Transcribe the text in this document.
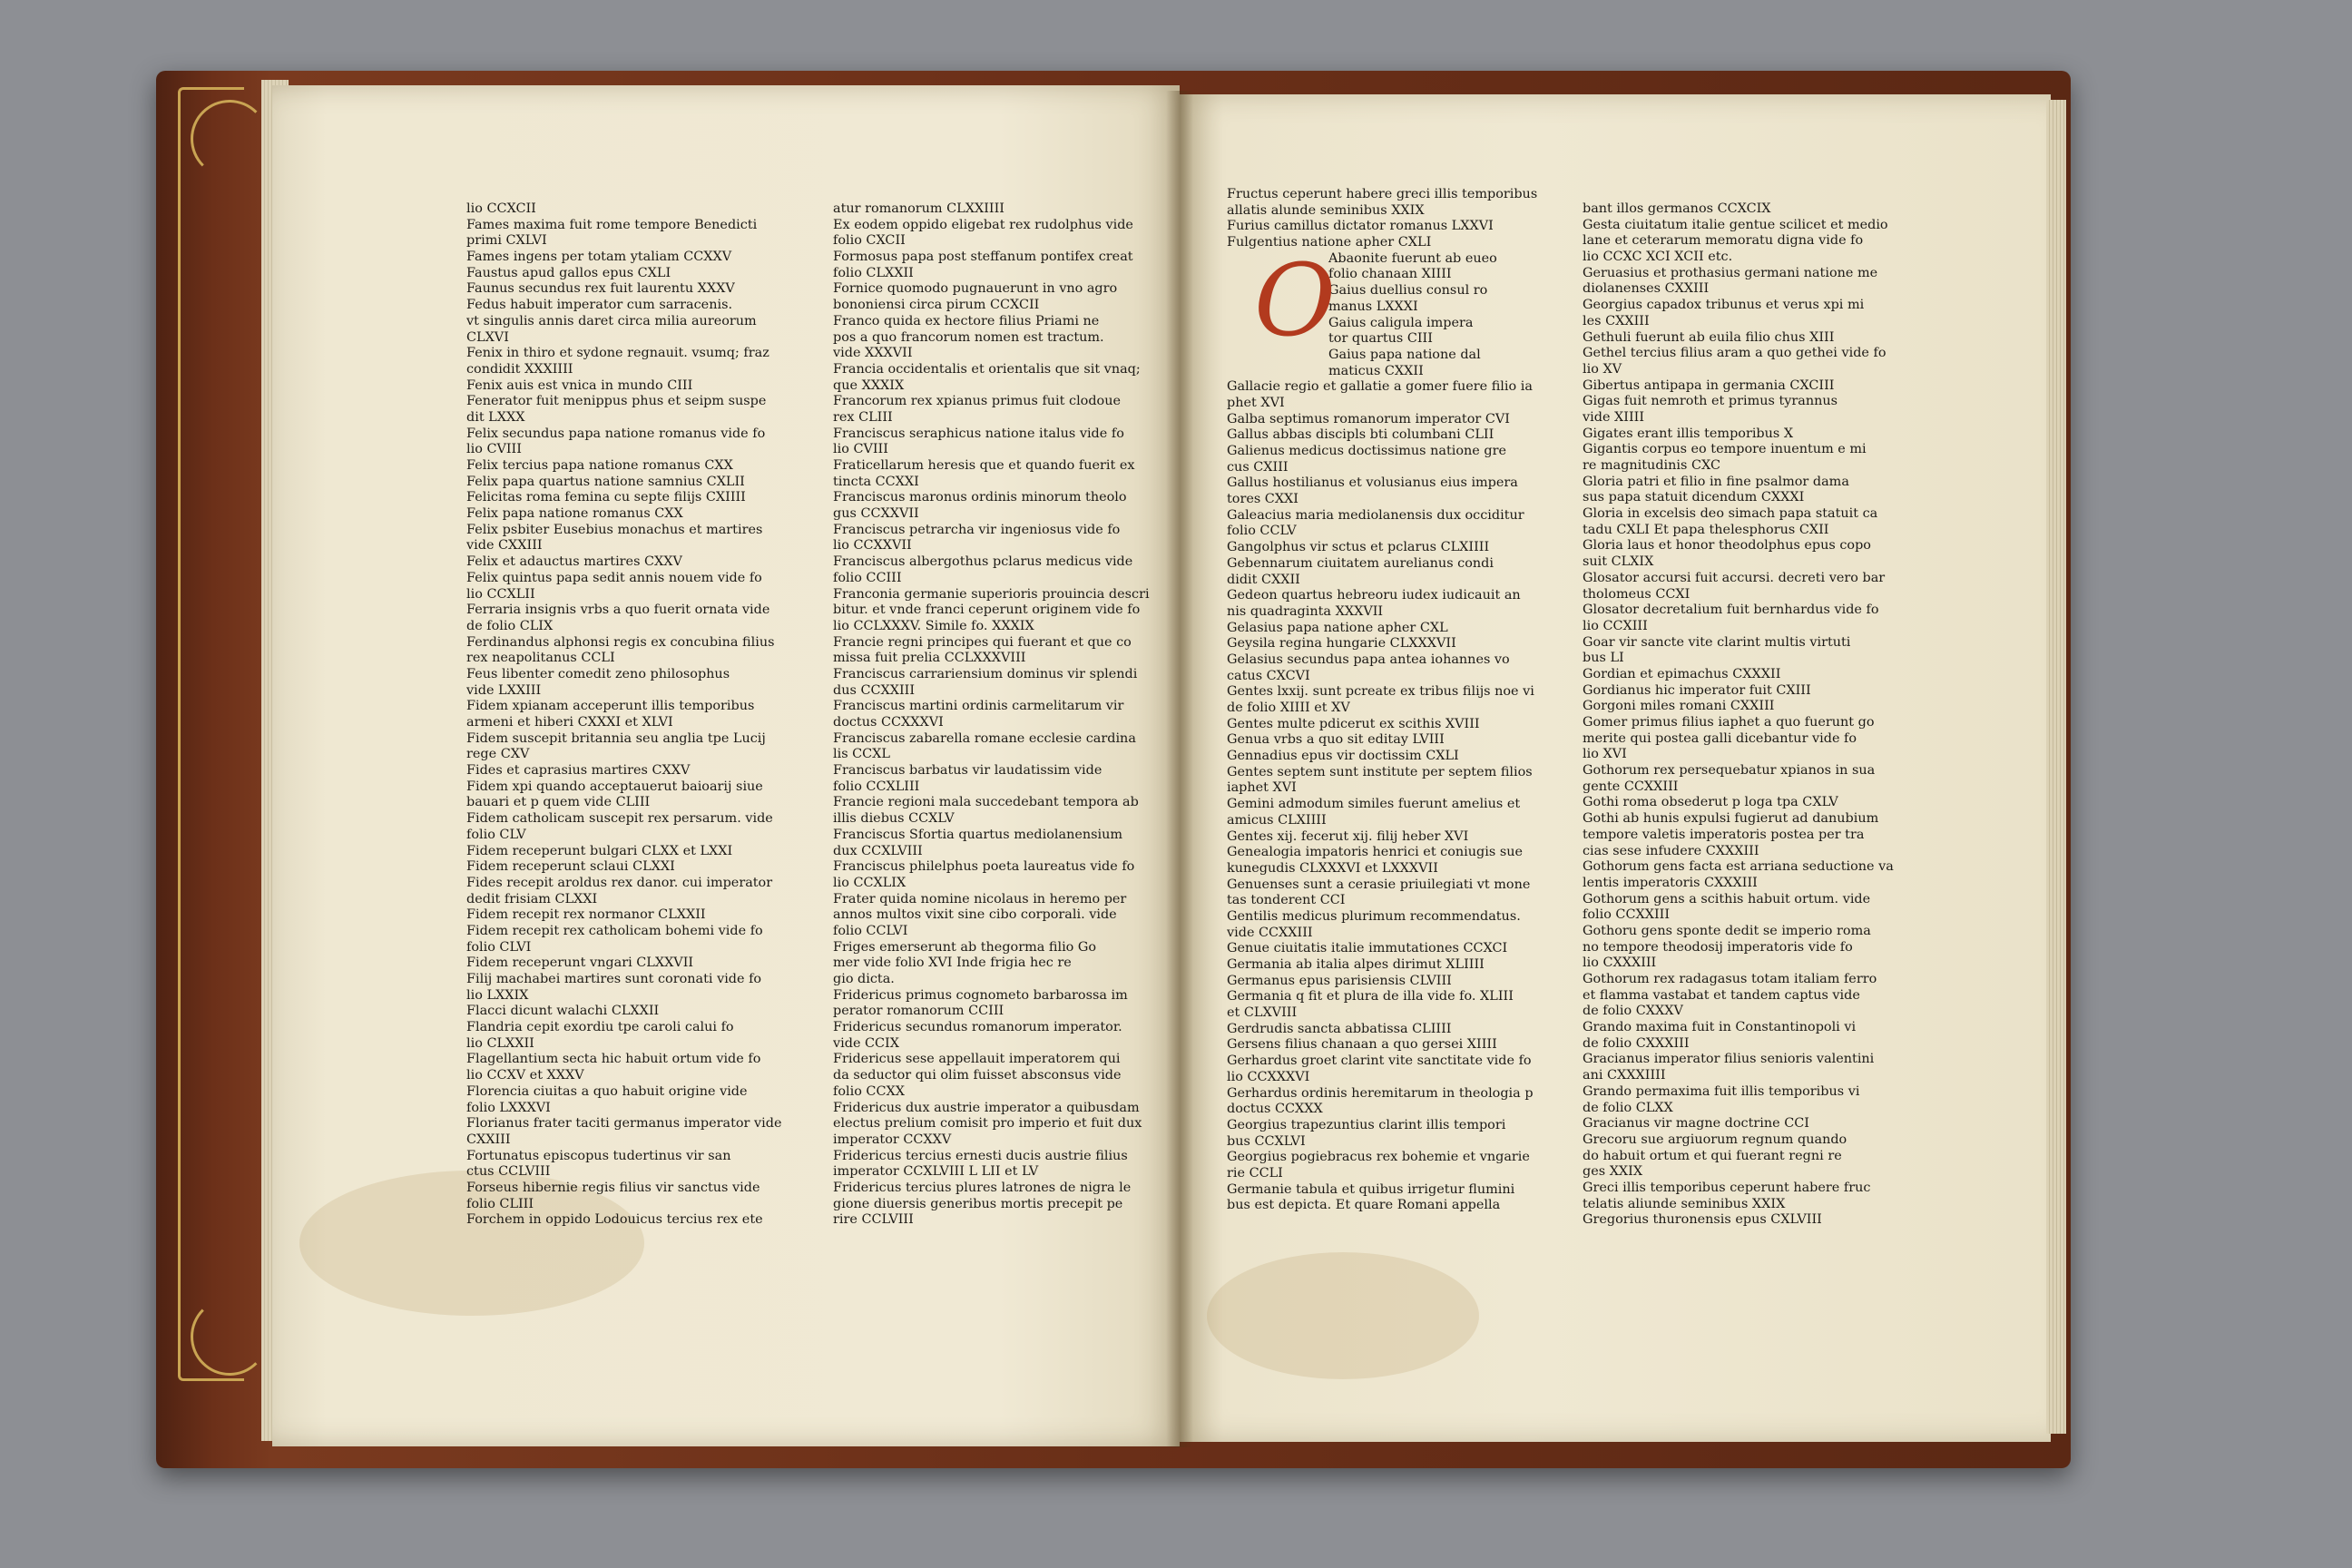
lio CCXCII
Fames maxima fuit rome tempore Benedicti
primi CXLVI
Fames ingens per totam ytaliam CCXXV
Faustus apud gallos epus CXLI
Faunus secundus rex fuit laurentu XXXV
Fedus habuit imperator cum sarracenis.
vt singulis annis daret circa milia aureorum
CLXVI
Fenix in thiro et sydone regnauit. vsumq; fraz
condidit XXXIIII
Fenix auis est vnica in mundo CIII
Fenerator fuit menippus phus et seipm suspe
dit LXXX
Felix secundus papa natione romanus vide fo
lio CVIII
Felix tercius papa natione romanus CXX
Felix papa quartus natione samnius CXLII
Felicitas roma femina cu septe filijs CXIIII
Felix papa natione romanus CXX
Felix psbiter Eusebius monachus et martires
vide CXXIII
Felix et adauctus martires CXXV
Felix quintus papa sedit annis nouem vide fo
lio CCXLII
Ferraria insignis vrbs a quo fuerit ornata vide
de folio CLIX
Ferdinandus alphonsi regis ex concubina filius
rex neapolitanus CCLI
Feus libenter comedit zeno philosophus
vide LXXIII
Fidem xpianam acceperunt illis temporibus
armeni et hiberi CXXXI et XLVI
Fidem suscepit britannia seu anglia tpe Lucij
rege CXV
Fides et caprasius martires CXXV
Fidem xpi quando acceptauerut baioarij siue
bauari et p quem vide CLIII
Fidem catholicam suscepit rex persarum. vide
folio CLV
Fidem receperunt bulgari CLXX et LXXI
Fidem receperunt sclaui CLXXI
Fides recepit aroldus rex danor. cui imperator
dedit frisiam CLXXI
Fidem recepit rex normanor CLXXII
Fidem recepit rex catholicam bohemi vide fo
folio CLVI
Fidem receperunt vngari CLXXVII
Filij machabei martires sunt coronati vide fo
lio LXXIX
Flacci dicunt walachi CLXXII
Flandria cepit exordiu tpe caroli calui fo
lio CLXXII
Flagellantium secta hic habuit ortum vide fo
lio CCXV et XXXV
Florencia ciuitas a quo habuit origine vide
folio LXXXVI
Florianus frater taciti germanus imperator vide
CXXIII
Fortunatus episcopus tudertinus vir san
ctus CCLVIII
Forseus hibernie regis filius vir sanctus vide
folio CLIII
Forchem in oppido Lodouicus tercius rex ete
atur romanorum CLXXIIII
Ex eodem oppido eligebat rex rudolphus vide
folio CXCII
Formosus papa post steffanum pontifex creat
folio CLXXII
Fornice quomodo pugnauerunt in vno agro
bononiensi circa pirum CCXCII
Franco quida ex hectore filius Priami ne
pos a quo francorum nomen est tractum.
vide XXXVII
Francia occidentalis et orientalis que sit vnaq;
que XXXIX
Francorum rex xpianus primus fuit clodoue
rex CLIII
Franciscus seraphicus natione italus vide fo
lio CVIII
Fraticellarum heresis que et quando fuerit ex
tincta CCXXI
Franciscus maronus ordinis minorum theolo
gus CCXXVII
Franciscus petrarcha vir ingeniosus vide fo
lio CCXXVII
Franciscus albergothus pclarus medicus vide
folio CCIII
Franconia germanie superioris prouincia descri
bitur. et vnde franci ceperunt originem vide fo
lio CCLXXXV. Simile fo. XXXIX
Francie regni principes qui fuerant et que co
missa fuit prelia CCLXXXVIII
Franciscus carrariensium dominus vir splendi
dus CCXXIII
Franciscus martini ordinis carmelitarum vir
doctus CCXXXVI
Franciscus zabarella romane ecclesie cardina
lis CCXL
Franciscus barbatus vir laudatissim vide
folio CCXLIII
Francie regioni mala succedebant tempora ab
illis diebus CCXLV
Franciscus Sfortia quartus mediolanensium
dux CCXLVIII
Franciscus philelphus poeta laureatus vide fo
lio CCXLIX
Frater quida nomine nicolaus in heremo per
annos multos vixit sine cibo corporali. vide
folio CCLVI
Friges emerserunt ab thegorma filio Go
mer vide folio XVI Inde frigia hec re
gio dicta.
Fridericus primus cognometo barbarossa im
perator romanorum CCIII
Fridericus secundus romanorum imperator.
vide CCIX
Fridericus sese appellauit imperatorem qui
da seductor qui olim fuisset absconsus vide
folio CCXX
Fridericus dux austrie imperator a quibusdam
electus prelium comisit pro imperio et fuit dux
imperator CCXXV
Fridericus tercius ernesti ducis austrie filius
imperator CCXLVIII L LII et LV
Fridericus tercius plures latrones de nigra le
gione diuersis generibus mortis precepit pe
rire CCLVIII
Fructus ceperunt habere greci illis temporibus
allatis alunde seminibus XXIX
Furius camillus dictator romanus LXXVI
Fulgentius natione apher CXLI
Abaonite fuerunt ab eueo
folio chanaan XIIII
Gaius duellius consul ro
manus LXXXI
Gaius caligula impera
tor quartus CIII
Gaius papa natione dal
maticus CXXII
Gallacie regio et gallatie a gomer fuere filio ia
phet XVI
Galba septimus romanorum imperator CVI
Gallus abbas discipls bti columbani CLII
Galienus medicus doctissimus natione gre
cus CXIII
Gallus hostilianus et volusianus eius impera
tores CXXI
Galeacius maria mediolanensis dux occiditur
folio CCLV
Gangolphus vir sctus et pclarus CLXIIII
Gebennarum ciuitatem aurelianus condi
didit CXXII
Gedeon quartus hebreoru iudex iudicauit an
nis quadraginta XXXVII
Gelasius papa natione apher CXL
Geysila regina hungarie CLXXXVII
Gelasius secundus papa antea iohannes vo
catus CXCVI
Gentes lxxij. sunt pcreate ex tribus filijs noe vi
de folio XIIII et XV
Gentes multe pdicerut ex scithis XVIII
Genua vrbs a quo sit editay LVIII
Gennadius epus vir doctissim CXLI
Gentes septem sunt institute per septem filios
iaphet XVI
Gemini admodum similes fuerunt amelius et
amicus CLXIIII
Gentes xij. fecerut xij. filij heber XVI
Genealogia impatoris henrici et coniugis sue
kunegudis CLXXXVI et LXXXVII
Genuenses sunt a cerasie priuilegiati vt mone
tas tonderent CCI
Gentilis medicus plurimum recommendatus.
vide CCXXIII
Genue ciuitatis italie immutationes CCXCI
Germania ab italia alpes dirimut XLIIII
Germanus epus parisiensis CLVIII
Germania q fit et plura de illa vide fo. XLIII
et CLXVIII
Gerdrudis sancta abbatissa CLIIII
Gersens filius chanaan a quo gersei XIIII
Gerhardus groet clarint vite sanctitate vide fo
lio CCXXXVI
Gerhardus ordinis heremitarum in theologia p
doctus CCXXX
Georgius trapezuntius clarint illis tempori
bus CCXLVI
Georgius pogiebracus rex bohemie et vngarie
rie CCLI
Germanie tabula et quibus irrigetur flumini
bus est depicta. Et quare Romani appella
bant illos germanos CCXCIX
Gesta ciuitatum italie gentue scilicet et medio
lane et ceterarum memoratu digna vide fo
lio CCXC XCI XCII etc.
Geruasius et prothasius germani natione me
diolanenses CXXIII
Georgius capadox tribunus et verus xpi mi
les CXXIII
Gethuli fuerunt ab euila filio chus XIII
Gethel tercius filius aram a quo gethei vide fo
lio XV
Gibertus antipapa in germania CXCIII
Gigas fuit nemroth et primus tyrannus
vide XIIII
Gigates erant illis temporibus X
Gigantis corpus eo tempore inuentum e mi
re magnitudinis CXC
Gloria patri et filio in fine psalmor dama
sus papa statuit dicendum CXXXI
Gloria in excelsis deo simach papa statuit ca
tadu CXLI Et papa thelesphorus CXII
Gloria laus et honor theodolphus epus copo
suit CLXIX
Glosator accursi fuit accursi. decreti vero bar
tholomeus CCXI
Glosator decretalium fuit bernhardus vide fo
lio CCXIII
Goar vir sancte vite clarint multis virtuti
bus LI
Gordian et epimachus CXXXII
Gordianus hic imperator fuit CXIII
Gorgoni miles romani CXXIII
Gomer primus filius iaphet a quo fuerunt go
merite qui postea galli dicebantur vide fo
lio XVI
Gothorum rex persequebatur xpianos in sua
gente CCXXIII
Gothi roma obsederut p loga tpa CXLV
Gothi ab hunis expulsi fugierut ad danubium
tempore valetis imperatoris postea per tra
cias sese infudere CXXXIII
Gothorum gens facta est arriana seductione va
lentis imperatoris CXXXIII
Gothorum gens a scithis habuit ortum. vide
folio CCXXIII
Gothoru gens sponte dedit se imperio roma
no tempore theodosij imperatoris vide fo
lio CXXXIII
Gothorum rex radagasus totam italiam ferro
et flamma vastabat et tandem captus vide
de folio CXXXV
Grando maxima fuit in Constantinopoli vi
de folio CXXXIII
Gracianus imperator filius senioris valentini
ani CXXXIIII
Grando permaxima fuit illis temporibus vi
de folio CLXX
Gracianus vir magne doctrine CCI
Grecoru sue argiuorum regnum quando
do habuit ortum et qui fuerant regni re
ges XXIX
Greci illis temporibus ceperunt habere fruc
telatis aliunde seminibus XXIX
Gregorius thuronensis epus CXLVIII
O
